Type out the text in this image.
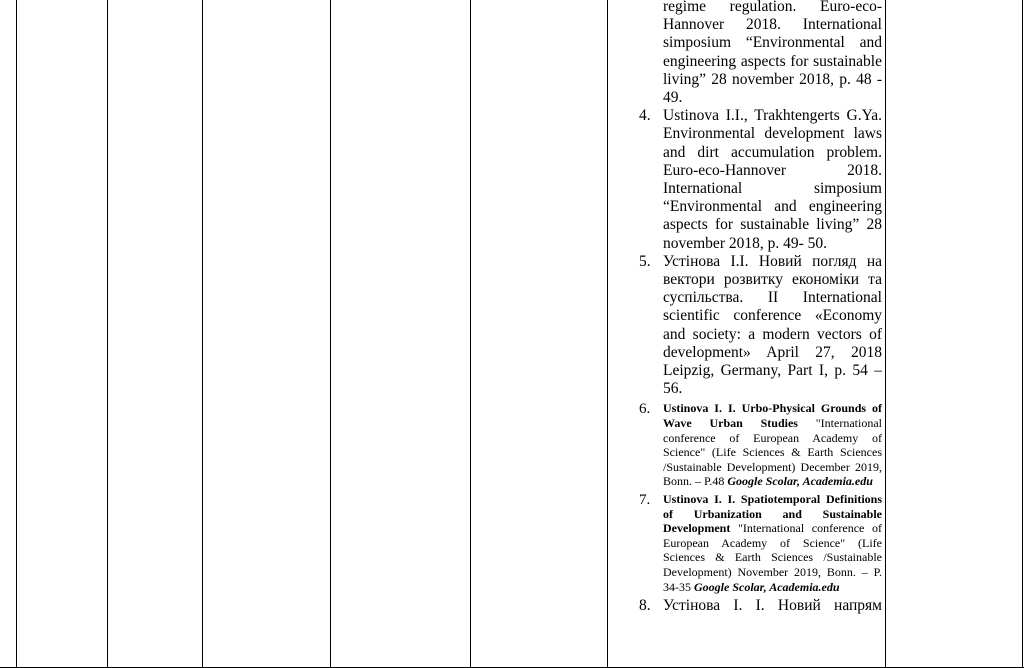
regime regulation. Euro-eco-Hannover 2018. International simposium “Environmental and engineering aspects for sustainable living” 28 november 2018, p. 48 - 49.

4. Ustinova I.I., Trakhtengerts G.Ya. Environmental development laws and dirt accumulation problem. Euro-eco-Hannover 2018. International simposium “Environmental and engineering aspects for sustainable living” 28 november 2018, p. 49- 50.

5. Устінова І.І. Новий погляд на вектори розвитку економіки та суспільства. II International scientific conference «Economy and society: a modern vectors of development» April 27, 2018 Leipzig, Germany, Part I, p. 54 – 56.

6. Ustinova I. I. Urbo-Physical Grounds of Wave Urban Studies "International conference of European Academy of Science" (Life Sciences & Earth Sciences /Sustainable Development) December 2019, Bonn. – P.48 Google Scolar, Academia.edu

7. Ustinova I. I. Spatiotemporal Definitions of Urbanization and Sustainable Development "International conference of European Academy of Science" (Life Sciences & Earth Sciences /Sustainable Development) November 2019, Bonn. – P. 34-35 Google Scolar, Academia.edu

8. Устінова І. І. Новий напрям
